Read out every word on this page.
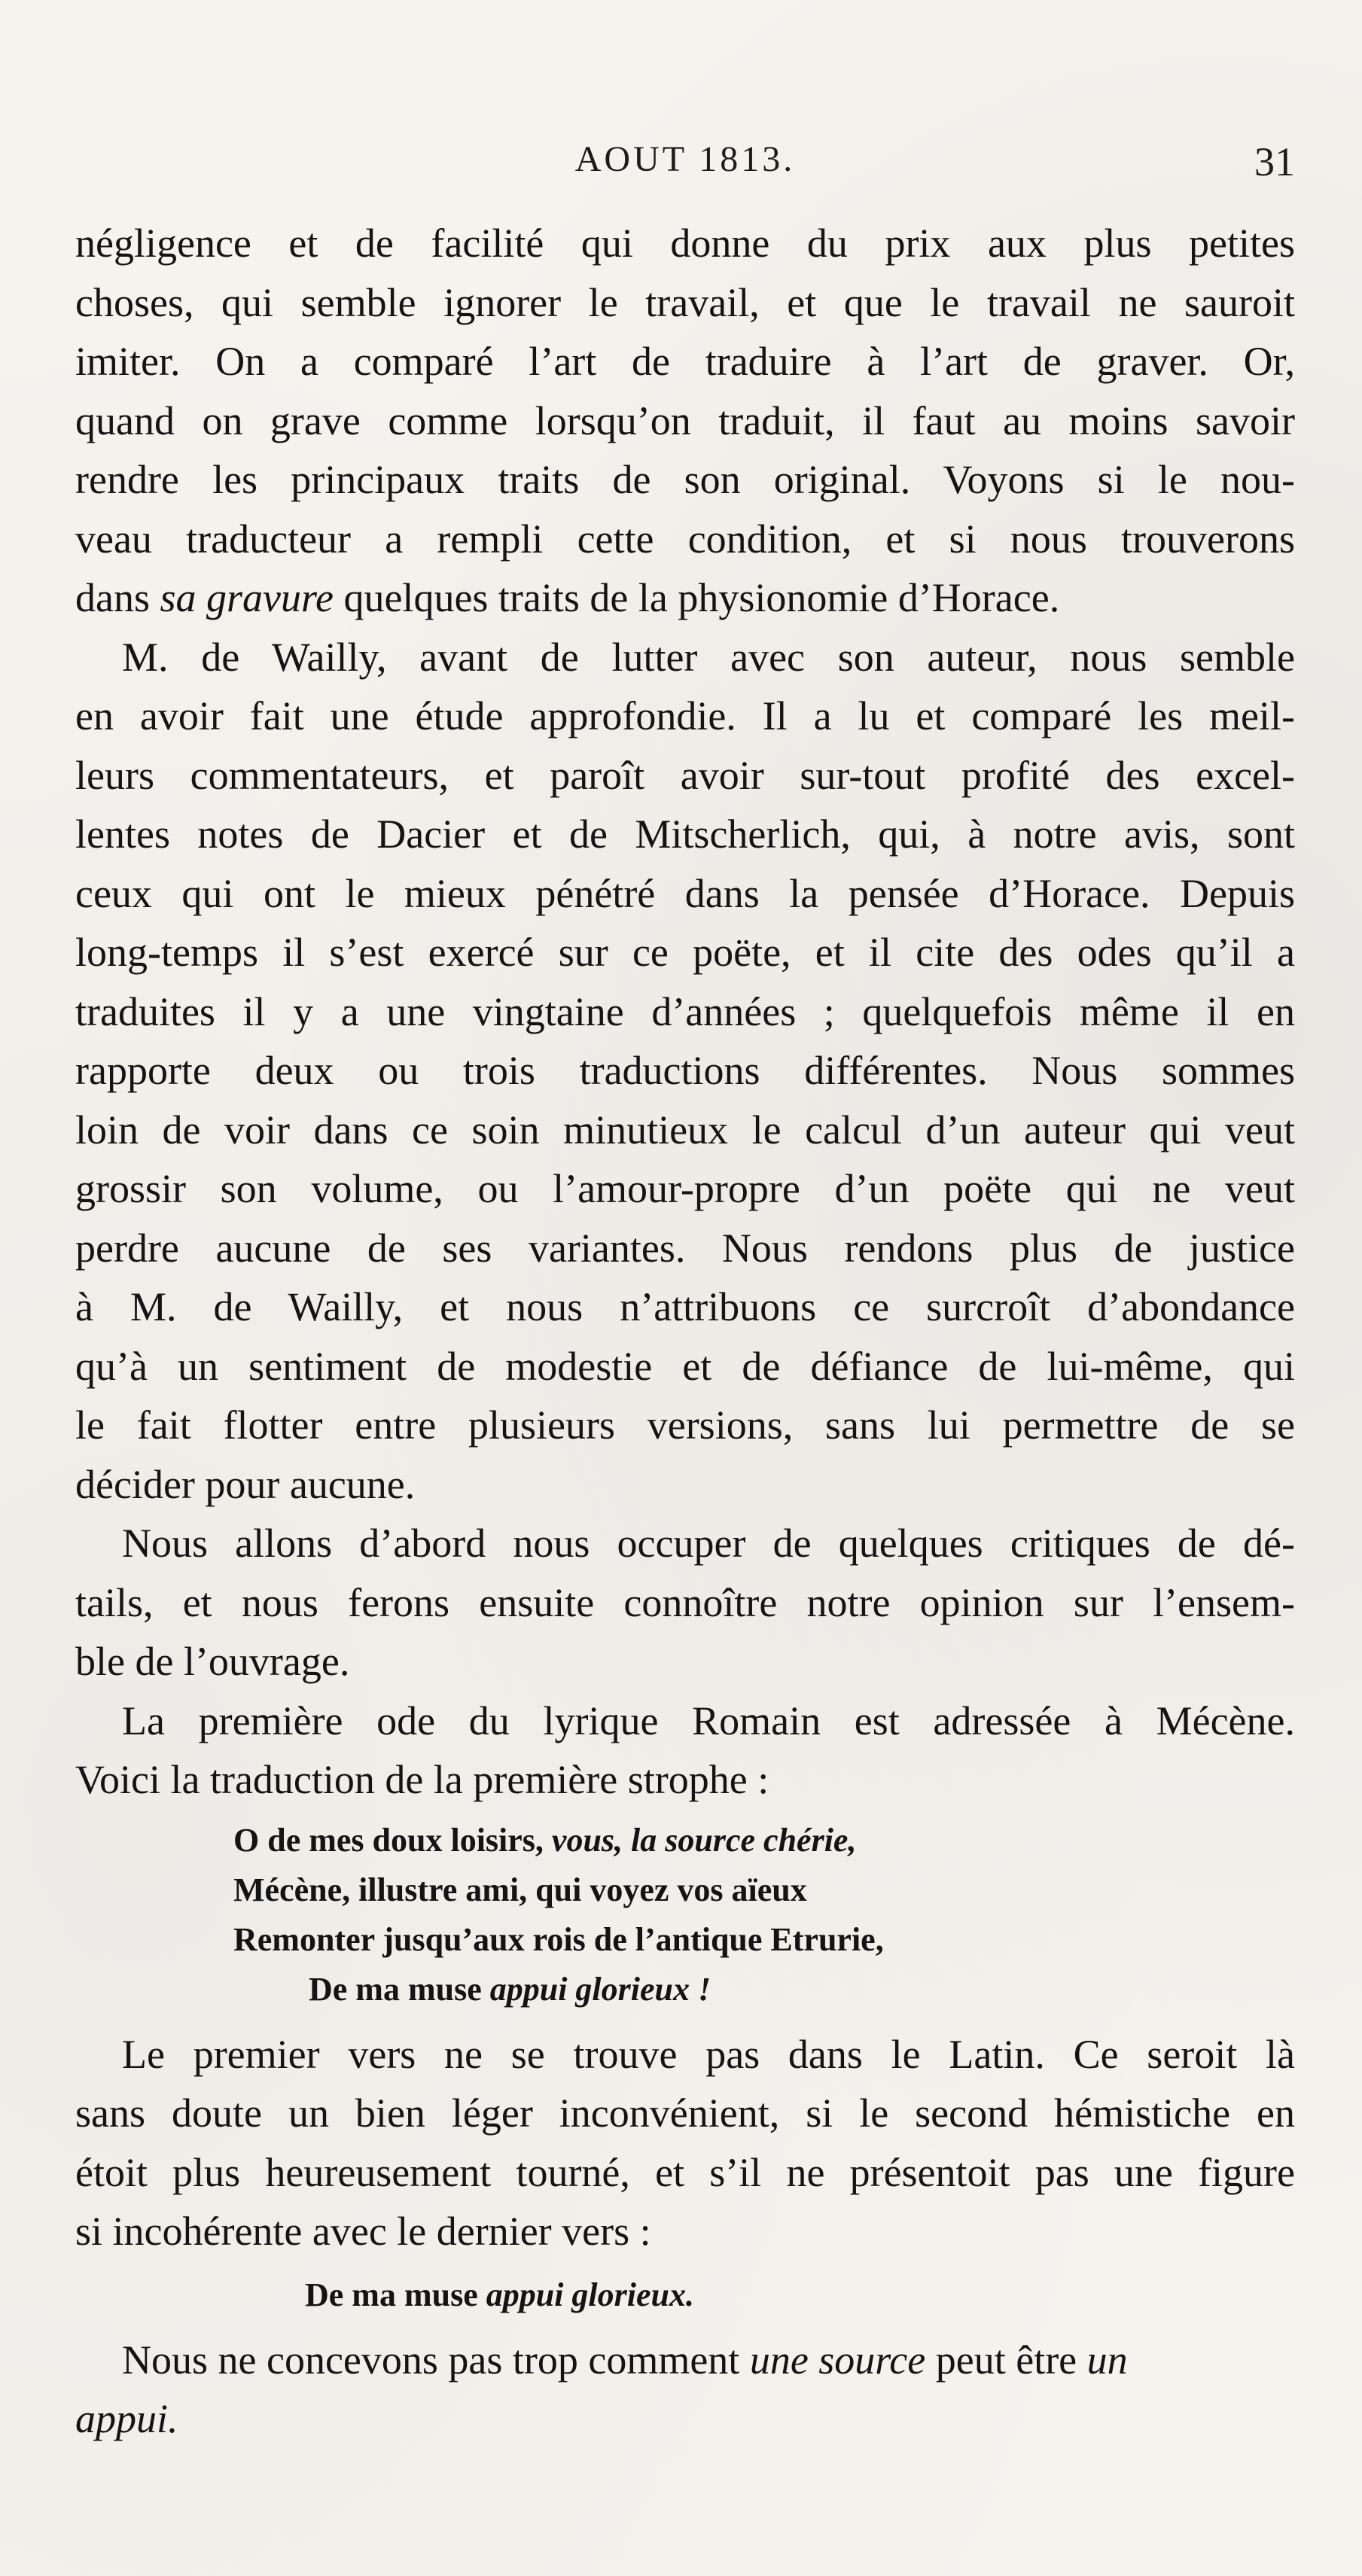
AOUT 1813.	31
négligence et de facilité qui donne du prix aux plus petites
choses, qui semble ignorer le travail, et que le travail ne sauroit
imiter. On a comparé l’art de traduire à l’art de graver. Or,
quand on grave comme lorsqu’on traduit, il faut au moins savoir
rendre les principaux traits de son original. Voyons si le nou-
veau traducteur a rempli cette condition, et si nous trouverons
dans sa gravure quelques traits de la physionomie d’Horace.
M. de Wailly, avant de lutter avec son auteur, nous semble
en avoir fait une étude approfondie. Il a lu et comparé les meil-
leurs commentateurs, et paroît avoir sur-tout profité des excel-
lentes notes de Dacier et de Mitscherlich, qui, à notre avis, sont
ceux qui ont le mieux pénétré dans la pensée d’Horace. Depuis
long-temps il s’est exercé sur ce poëte, et il cite des odes qu’il a
traduites il y a une vingtaine d’années ; quelquefois même il en
rapporte deux ou trois traductions différentes. Nous sommes
loin de voir dans ce soin minutieux le calcul d’un auteur qui veut
grossir son volume, ou l’amour-propre d’un poëte qui ne veut
perdre aucune de ses variantes. Nous rendons plus de justice
à M. de Wailly, et nous n’attribuons ce surcroît d’abondance
qu’à un sentiment de modestie et de défiance de lui-même, qui
le fait flotter entre plusieurs versions, sans lui permettre de se
décider pour aucune.
Nous allons d’abord nous occuper de quelques critiques de dé-
tails, et nous ferons ensuite connoître notre opinion sur l’ensem-
ble de l’ouvrage.
La première ode du lyrique Romain est adressée à Mécène.
Voici la traduction de la première strophe :
O de mes doux loisirs, vous, la source chérie,
Mécène, illustre ami, qui voyez vos aïeux
Remonter jusqu’aux rois de l’antique Etrurie,
De ma muse appui glorieux !
Le premier vers ne se trouve pas dans le Latin. Ce seroit là
sans doute un bien léger inconvénient, si le second hémistiche en
étoit plus heureusement tourné, et s’il ne présentoit pas une figure
si incohérente avec le dernier vers :
De ma muse appui glorieux.
Nous ne concevons pas trop comment une source peut être un
appui.
